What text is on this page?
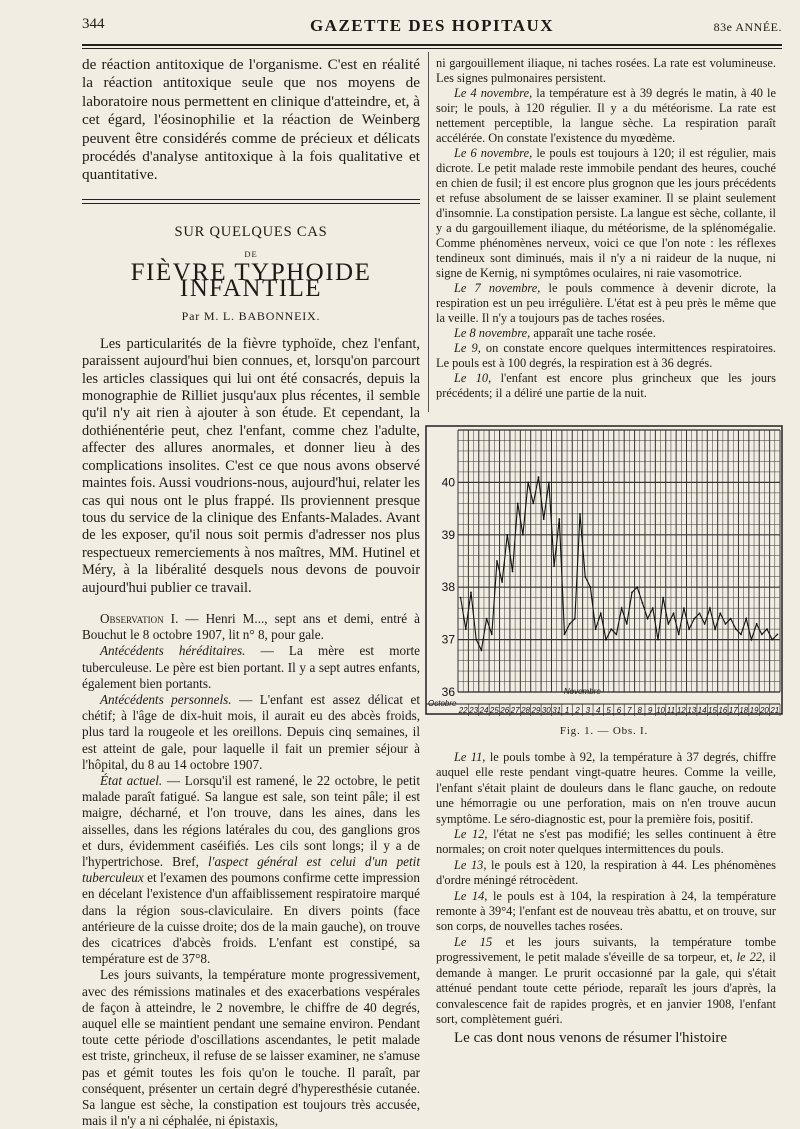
344	GAZETTE DES HOPITAUX	83e ANNÉE.

de réaction antitoxique de l'organisme. C'est en réalité la réaction antitoxique seule que nos moyens de laboratoire nous permettent en clinique d'atteindre, et, à cet égard, l'éosinophilie et la réaction de Weinberg peuvent être considérés comme de précieux et délicats procédés d'analyse antitoxique à la fois qualitative et quantitative.

SUR QUELQUES CAS
DE
FIÈVRE TYPHOIDE INFANTILE
Par M. L. BABONNEIX.

Les particularités de la fièvre typhoïde, chez l'enfant, paraissent aujourd'hui bien connues, et, lorsqu'on parcourt les articles classiques qui lui ont été consacrés, depuis la monographie de Rilliet jusqu'aux plus récentes, il semble qu'il n'y ait rien à ajouter à son étude. Et cependant, la dothiénentérie peut, chez l'enfant, comme chez l'adulte, affecter des allures anormales, et donner lieu à des complications insolites. C'est ce que nous avons observé maintes fois. Aussi voudrions-nous, aujourd'hui, relater les cas qui nous ont le plus frappé. Ils proviennent presque tous du service de la clinique des Enfants-Malades. Avant de les exposer, qu'il nous soit permis d'adresser nos plus respectueux remerciements à nos maîtres, MM. Hutinel et Méry, à la libéralité desquels nous devons de pouvoir aujourd'hui publier ce travail.

Observation I. — Henri M..., sept ans et demi, entré à Bouchut le 8 octobre 1907, lit n° 8, pour gale.

Antécédents héréditaires. — La mère est morte tuberculeuse. Le père est bien portant. Il y a sept autres enfants, également bien portants.

Antécédents personnels. — L'enfant est assez délicat et chétif; à l'âge de dix-huit mois, il aurait eu des abcès froids, plus tard la rougeole et les oreillons. Depuis cinq semaines, il est atteint de gale, pour laquelle il fait un premier séjour à l'hôpital, du 8 au 14 octobre 1907.

État actuel. — Lorsqu'il est ramené, le 22 octobre, le petit malade paraît fatigué. Sa langue est sale, son teint pâle; il est maigre, décharné, et l'on trouve, dans les aines, dans les aisselles, dans les régions latérales du cou, des ganglions gros et durs, évidemment caséifiés. Les cils sont longs; il y a de l'hypertrichose. Bref, l'aspect général est celui d'un petit tuberculeux et l'examen des poumons confirme cette impression en décelant l'existence d'un affaiblissement respiratoire marqué dans la région sous-claviculaire. En divers points (face antérieure de la cuisse droite; dos de la main gauche), on trouve des cicatrices d'abcès froids. L'enfant est constipé, sa température est de 37°8.

Les jours suivants, la température monte progressivement, avec des rémissions matinales et des exacerbations vespérales de façon à atteindre, le 2 novembre, le chiffre de 40 degrés, auquel elle se maintient pendant une semaine environ. Pendant toute cette période d'oscillations ascendantes, le petit malade est triste, grincheux, il refuse de se laisser examiner, ne s'amuse pas et gémit toutes les fois qu'on le touche. Il paraît, par conséquent, présenter un certain degré d'hyperesthésie cutanée. Sa langue est sèche, la constipation est toujours très accusée, mais il n'y a ni céphalée, ni épistaxis,

ni gargouillement iliaque, ni taches rosées. La rate est volumineuse. Les signes pulmonaires persistent.

Le 4 novembre, la température est à 39 degrés le matin, à 40 le soir; le pouls, à 120 régulier. Il y a du météorisme. La rate est nettement perceptible, la langue sèche. La respiration paraît accélérée. On constate l'existence du myœdème.

Le 6 novembre, le pouls est toujours à 120; il est régulier, mais dicrote. Le petit malade reste immobile pendant des heures, couché en chien de fusil; il est encore plus grognon que les jours précédents et refuse absolument de se laisser examiner. Il se plaint seulement d'insomnie. La constipation persiste. La langue est sèche, collante, il y a du gargouillement iliaque, du météorisme, de la splénomégalie. Comme phénomènes nerveux, voici ce que l'on note : les réflexes tendineux sont diminués, mais il n'y a ni raideur de la nuque, ni signe de Kernig, ni symptômes oculaires, ni raie vasomotrice.

Le 7 novembre, le pouls commence à devenir dicrote, la respiration est un peu irrégulière. L'état est à peu près le même que la veille. Il n'y a toujours pas de taches rosées.

Le 8 novembre, apparaît une tache rosée.

Le 9, on constate encore quelques intermittences respiratoires. Le pouls est à 100 degrés, la respiration est à 36 degrés.

Le 10, l'enfant est encore plus grincheux que les jours précédents; il a déliré une partie de la nuit.

40
39
38
37
36
Octobre
Novembre
22 23 24 25 26 27 28 29 30 31 1 2 3 4 5 6 7 8 9 10 11 12 13 14 15 16 17 18 19 20 21
Fig. 1. — Obs. I.

Le 11, le pouls tombe à 92, la température à 37 degrés, chiffre auquel elle reste pendant vingt-quatre heures. Comme la veille, l'enfant s'était plaint de douleurs dans le flanc gauche, on redoute une hémorragie ou une perforation, mais on n'en trouve aucun symptôme. Le séro-diagnostic est, pour la première fois, positif.

Le 12, l'état ne s'est pas modifié; les selles continuent à être normales; on croit noter quelques intermittences du pouls.

Le 13, le pouls est à 120, la respiration à 44. Les phénomènes d'ordre méningé rétrocèdent.

Le 14, le pouls est à 104, la respiration à 24, la température remonte à 39°4; l'enfant est de nouveau très abattu, et on trouve, sur son corps, de nouvelles taches rosées.

Le 15 et les jours suivants, la température tombe progressivement, le petit malade s'éveille de sa torpeur, et, le 22, il demande à manger. Le prurit occasionné par la gale, qui s'était atténué pendant toute cette période, reparaît les jours d'après, la convalescence fait de rapides progrès, et en janvier 1908, l'enfant sort, complètement guéri.

Le cas dont nous venons de résumer l'histoire
